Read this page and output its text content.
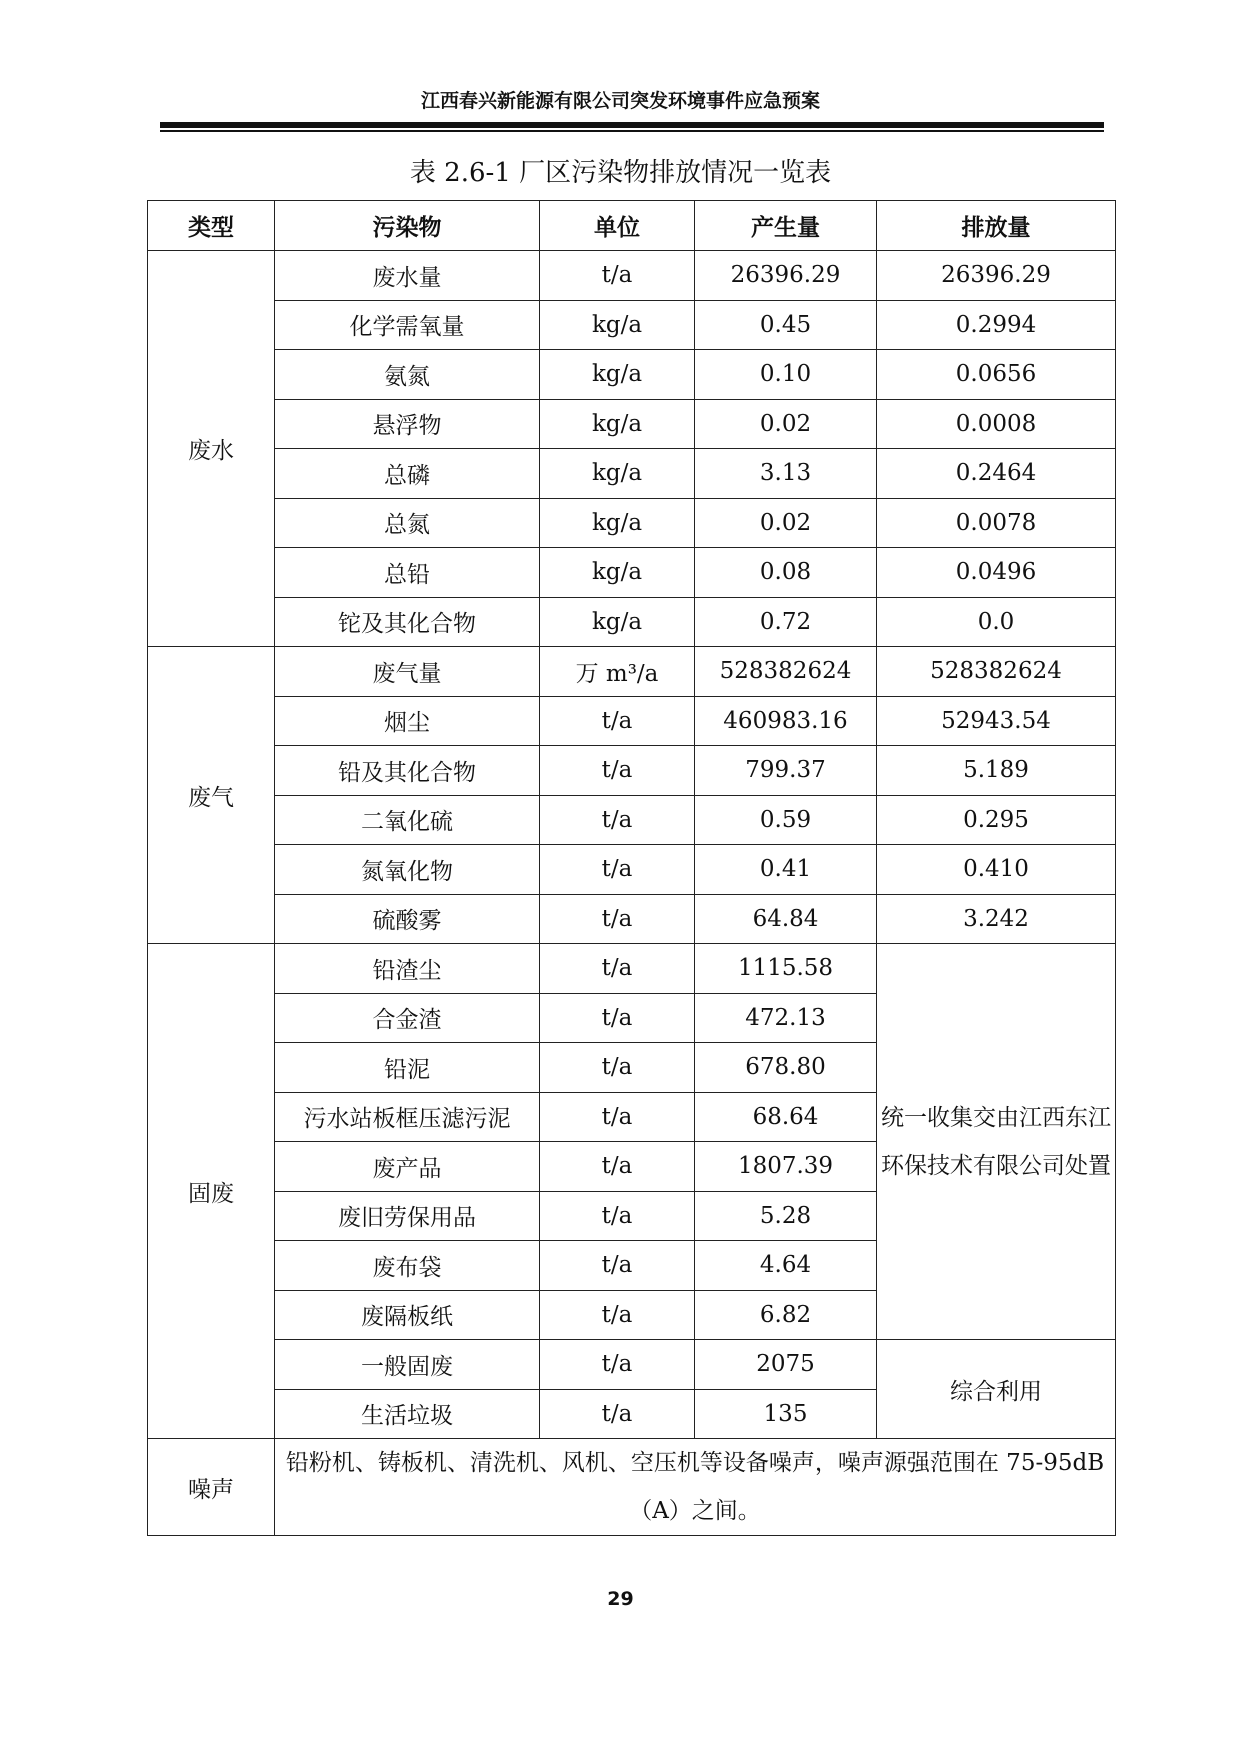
江西春兴新能源有限公司突发环境事件应急预案
表 2.6-1 厂区污染物排放情况一览表
类型	污染物	单位	产生量	排放量
废水	废水量	t/a	26396.29	26396.29
	化学需氧量	kg/a	0.45	0.2994
	氨氮	kg/a	0.10	0.0656
	悬浮物	kg/a	0.02	0.0008
	总磷	kg/a	3.13	0.2464
	总氮	kg/a	0.02	0.0078
	总铅	kg/a	0.08	0.0496
	铊及其化合物	kg/a	0.72	0.0
废气	废气量	万 m³/a	528382624	528382624
	烟尘	t/a	460983.16	52943.54
	铅及其化合物	t/a	799.37	5.189
	二氧化硫	t/a	0.59	0.295
	氮氧化物	t/a	0.41	0.410
	硫酸雾	t/a	64.84	3.242
固废	铅渣尘	t/a	1115.58	统一收集交由江西东江环保技术有限公司处置
	合金渣	t/a	472.13	
	铅泥	t/a	678.80	
	污水站板框压滤污泥	t/a	68.64	
	废产品	t/a	1807.39	
	废旧劳保用品	t/a	5.28	
	废布袋	t/a	4.64	
	废隔板纸	t/a	6.82	
	一般固废	t/a	2075	综合利用
	生活垃圾	t/a	135	
噪声	铅粉机、铸板机、清洗机、风机、空压机等设备噪声，噪声源强范围在 75-95dB（A）之间。			
29
